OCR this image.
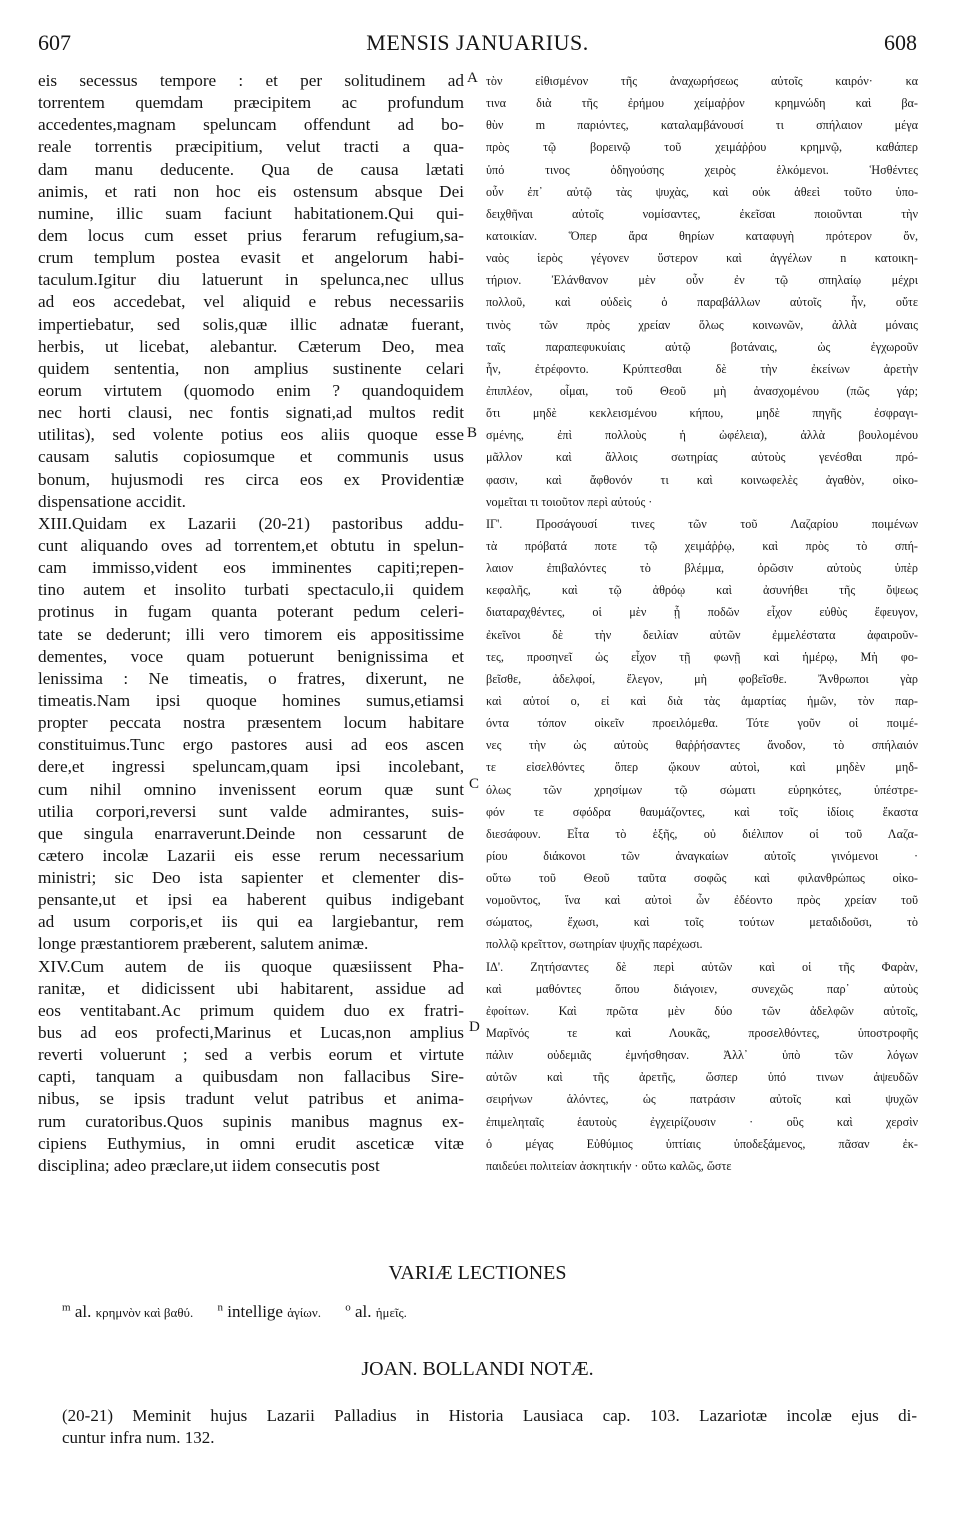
607	MENSIS JANUARIUS.	608
eis secessus tempore : et per solitudinem ad
torrentem quemdam præcipitem ac profundum
accedentes,magnam speluncam offendunt ad bo-
reale torrentis præcipitium, velut tracti a qua-
dam manu deducente. Qua de causa lætati
animis, et rati non hoc eis ostensum absque Dei
numine, illic suam faciunt habitationem.Qui qui-
dem locus cum esset prius ferarum refugium,sa-
crum templum postea evasit et angelorum habi-
taculum.Igitur diu latuerunt in spelunca,nec ullus
ad eos accedebat, vel aliquid e rebus necessariis
impertiebatur, sed solis,quæ illic adnatæ fuerant,
herbis, ut licebat, alebantur. Cæterum Deo, mea
quidem sententia, non amplius sustinente celari
eorum virtutem (quomodo enim ? quandoquidem
nec horti clausi, nec fontis signati,ad multos redit
utilitas), sed volente potius eos aliis quoque esse
causam salutis copiosumque et communis usus
bonum, hujusmodi res circa eos ex Providentiæ
dispensatione accidit.
XIII.Quidam ex Lazarii (20-21) pastoribus addu-
cunt aliquando oves ad torrentem,et obtutu in spelun-
cam immisso,vident eos imminentes capiti;repen-
tino autem et insolito turbati spectaculo,ii quidem
protinus in fugam quanta poterant pedum celeri-
tate se dederunt; illi vero timorem eis appositissime
dementes, voce quam potuerunt benignissima et
lenissima : Ne timeatis, o fratres, dixerunt, ne
timeatis.Nam ipsi quoque homines sumus,etiamsi
propter peccata nostra præsentem locum habitare
constituimus.Tunc ergo pastores ausi ad eos ascen
dere,et ingressi speluncam,quam ipsi incolebant,
cum nihil omnino invenissent eorum quæ sunt
utilia corpori,reversi sunt valde admirantes, suis-
que singula enarraverunt.Deinde non cessarunt de
cætero incolæ Lazarii eis esse rerum necessarium
ministri; sic Deo ista sapienter et clementer dis-
pensante,ut et ipsi ea haberent quibus indigebant
ad usum corporis,et iis qui ea largiebantur, rem
longe præstantiorem præberent, salutem animæ.
XIV.Cum autem de iis quoque quæsiissent Pha-
ranitæ, et didicissent ubi habitarent, assidue ad
eos ventitabant.Ac primum quidem duo ex fratri-
bus ad eos profecti,Marinus et Lucas,non amplius
reverti voluerunt ; sed a verbis eorum et virtute
capti, tanquam a quibusdam non fallacibus Sire-
nibus, se ipsis tradunt velut patribus et anima-
rum curatoribus.Quos supinis manibus magnus ex-
cipiens Euthymius, in omni erudit asceticæ vitæ
disciplina; adeo præclare,ut iidem consecutis post
A
B
C
D
τὸν εἰθισμένον τῆς ἀναχωρήσεως αὐτοῖς καιρόν· κα
τινα διὰ τῆς ἐρήμου χείμαῤῥον κρημνώδη καὶ βα-
θὺν m παριόντες, καταλαμβάνουσί τι σπήλαιον μέγα
πρὸς τῷ βορεινῷ τοῦ χειμάῤῥου κρημνῷ, καθάπερ
ὑπό τινος ὁδηγούσης χειρὸς ἑλκόμενοι. Ἡσθέντες
οὖν ἐπ᾽ αὐτῷ τὰς ψυχὰς, καὶ οὐκ ἀθεεὶ τοῦτο ὑπο-
δειχθῆναι αὐτοῖς νομίσαντες, ἐκεῖσαι ποιοῦνται τὴν
κατοικίαν. Ὅπερ ἄρα θηρίων καταφυγὴ πρότερον ὄν,
ναὸς ἱερὸς γέγονεν ὕστερον καὶ ἀγγέλων n κατοικη-
τήριον. Ἐλάνθανον μὲν οὖν ἐν τῷ σπηλαίῳ μέχρι
πολλοῦ, καὶ οὐδεὶς ὁ παραβάλλων αὐτοῖς ἦν, οὔτε
τινὸς τῶν πρὸς χρείαν ὅλως κοινωνῶν, ἀλλὰ μόναις
ταῖς παραπεφυκυίαις αὐτῷ βοτάναις, ὡς ἐγχωροῦν
ἦν, ἐτρέφοντο. Κρύπτεσθαι δὲ τὴν ἐκείνων ἀρετὴν
ἐπιπλέον, οἶμαι, τοῦ Θεοῦ μὴ ἀνασχομένου (πῶς γάρ;
ὅτι μηδὲ κεκλεισμένου κήπου, μηδὲ πηγῆς ἐσφραγι-
σμένης, ἐπὶ πολλοὺς ἡ ὠφέλεια), ἀλλὰ βουλομένου
μᾶλλον καὶ ἄλλοις σωτηρίας αὐτοὺς γενέσθαι πρό-
φασιν, καὶ ἄφθονόν τι καὶ κοινωφελὲς ἀγαθὸν, οἰκο-
νομεῖται τι τοιοῦτον περὶ αὐτούς ·
ΙΓ'. Προσάγουσί τινες τῶν τοῦ Λαζαρίου ποιμένων
τὰ πρόβατά ποτε τῷ χειμάῤῥῳ, καὶ πρὸς τὸ σπή-
λαιον ἐπιβαλόντες τὸ βλέμμα, ὁρῶσιν αὐτοὺς ὑπὲρ
κεφαλῆς, καὶ τῷ ἀθρόῳ καὶ ἀσυνήθει τῆς ὄψεως
διαταραχθέντες, οἱ μὲν ᾗ ποδῶν εἶχον εὐθὺς ἔφευγον,
ἐκεῖνοι δὲ τὴν δειλίαν αὐτῶν ἐμμελέστατα ἀφαιροῦν-
τες, προσηνεῖ ὡς εἶχον τῇ φωνῇ καὶ ἡμέρῳ, Μὴ φο-
βεῖσθε, ἀδελφοί, ἔλεγον, μὴ φοβεῖσθε. Ἄνθρωποι γὰρ
καὶ αὐτοί o, εἰ καὶ διὰ τὰς ἁμαρτίας ἡμῶν, τὸν παρ-
όντα τόπον οἰκεῖν προειλόμεθα. Τότε γοῦν οἱ ποιμέ-
νες τὴν ὡς αὐτοὺς θαῤῥήσαντες ἄνοδον, τὸ σπήλαιόν
τε εἰσελθόντες ὅπερ ᾤκουν αὐτοὶ, καὶ μηδὲν μηδ-
όλως τῶν χρησίμων τῷ σώματι εὑρηκότες, ὑπέστρε-
φόν τε σφόδρα θαυμάζοντες, καὶ τοῖς ἰδίοις ἕκαστα
διεσάφουν. Εἶτα τὸ ἑξῆς, οὐ διέλιπον οἱ τοῦ Λαζα-
ρίου διάκονοι τῶν ἀναγκαίων αὐτοῖς γινόμενοι ·
οὕτω τοῦ Θεοῦ ταῦτα σοφῶς καὶ φιλανθρώπως οἰκο-
νομοῦντος, ἵνα καὶ αὐτοὶ ὧν ἐδέοντο πρὸς χρείαν τοῦ
σώματος, ἔχωσι, καὶ τοῖς τούτων μεταδιδοῦσι, τὸ
πολλῷ κρεῖττον, σωτηρίαν ψυχῆς παρέχωσι.
ΙΔ'. Ζητήσαντες δὲ περὶ αὐτῶν καὶ οἱ τῆς Φαρὰν,
καὶ μαθόντες ὅπου διάγοιεν, συνεχῶς παρ᾽ αὐτοὺς
ἐφοίτων. Καὶ πρῶτα μὲν δύο τῶν ἀδελφῶν αὐτοῖς,
Μαρῖνός τε καὶ Λουκᾶς, προσελθόντες, ὑποστροφῆς
πάλιν οὐδεμιᾶς ἐμνήσθησαν. Ἀλλ᾽ ὑπὸ τῶν λόγων
αὐτῶν καὶ τῆς ἀρετῆς, ὥσπερ ὑπό τινων ἀψευδῶν
σειρήνων ἁλόντες, ὡς πατράσιν αὐτοῖς καὶ ψυχῶν
ἐπιμεληταῖς ἑαυτοὺς ἐγχειρίζουσιν · οὓς καὶ χερσὶν
ὁ μέγας Εὐθύμιος ὑπτίαις ὑποδεξάμενος, πᾶσαν ἐκ-
παιδεύει πολιτείαν ἀσκητικήν · οὕτω καλῶς, ὥστε
VARIÆ LECTIONES
$^m$ al. κρημνὸν καὶ βαθύ. $^n$ intellige ἁγίων. $^o$ al. ἡμεῖς.
JOAN. BOLLANDI NOTÆ.
(20-21) Meminit hujus Lazarii Palladius in Historia Lausiaca cap. 103. Lazariotæ incolæ ejus di-
cuntur infra num. 132.
